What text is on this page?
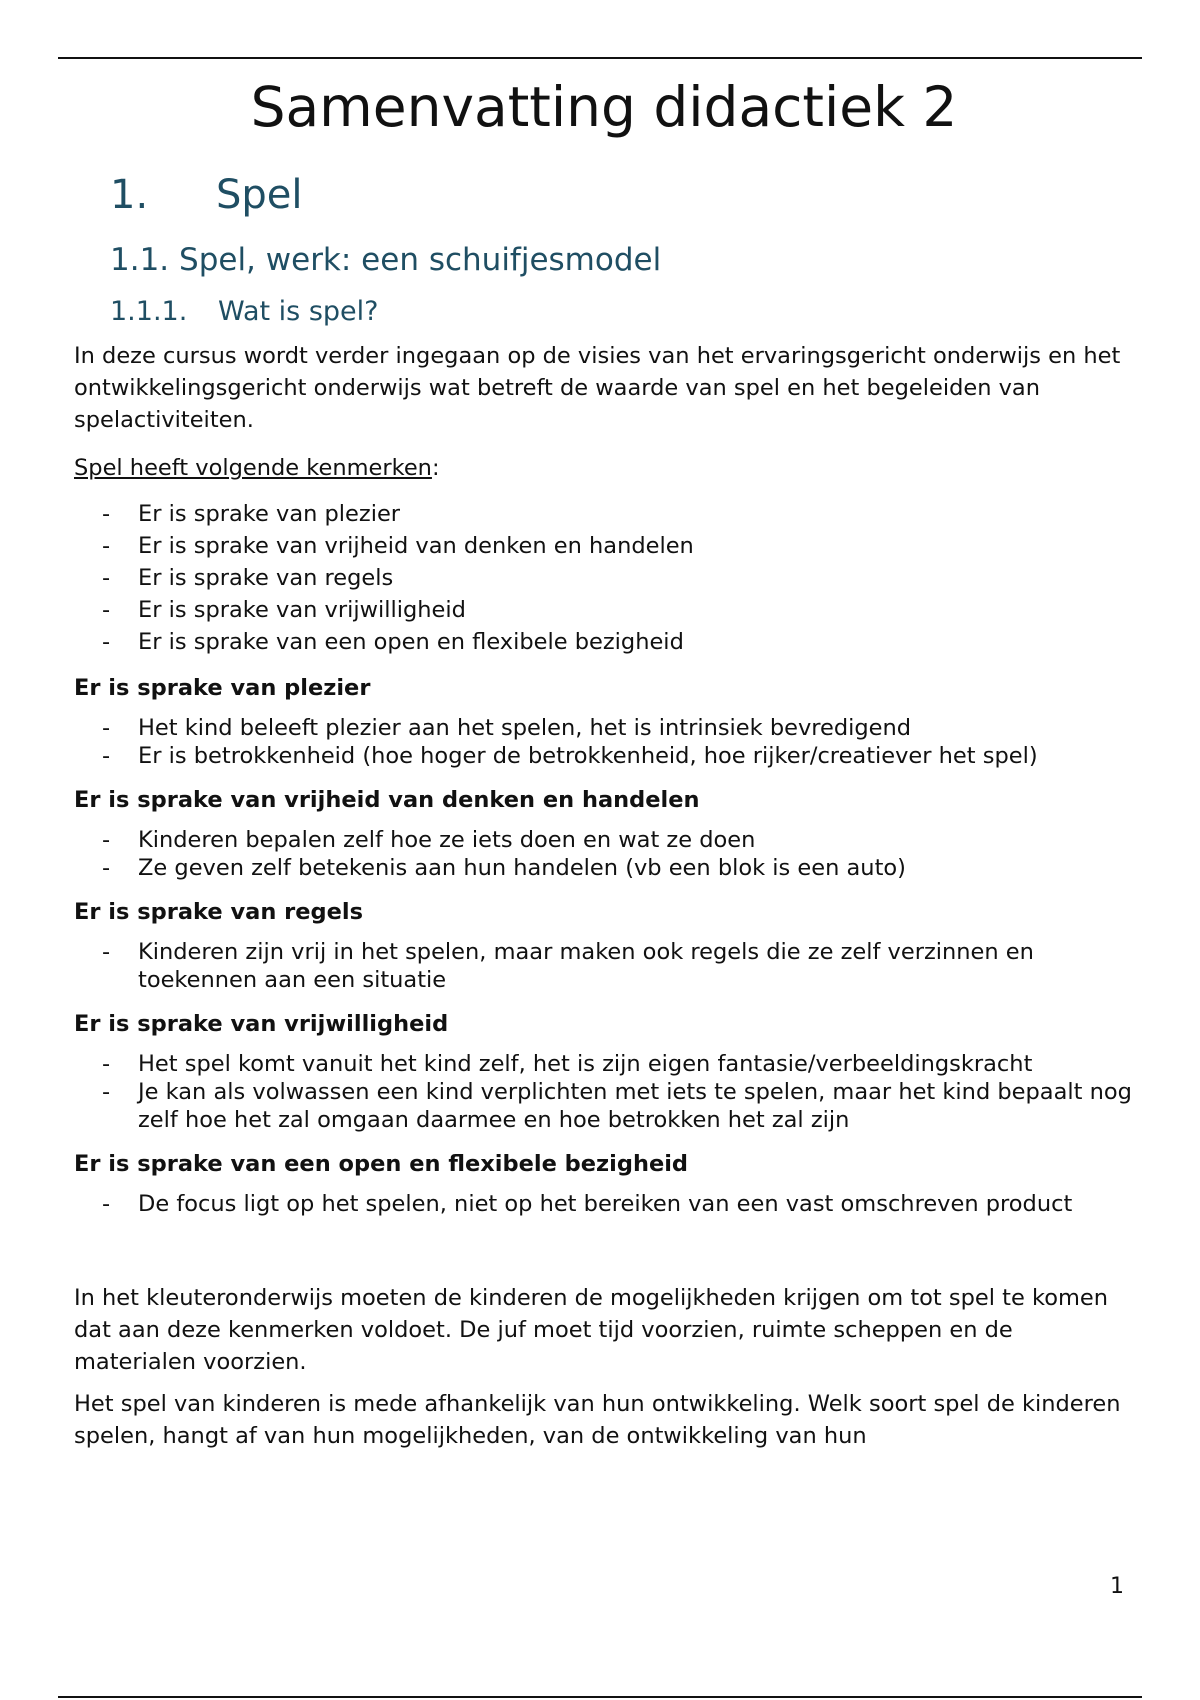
Samenvatting didactiek 2
1. Spel
1.1. Spel, werk: een schuifjesmodel
1.1.1. Wat is spel?

In deze cursus wordt verder ingegaan op de visies van het ervaringsgericht onderwijs en het ontwikkelingsgericht onderwijs wat betreft de waarde van spel en het begeleiden van spelactiviteiten.

Spel heeft volgende kenmerken:

- Er is sprake van plezier
- Er is sprake van vrijheid van denken en handelen
- Er is sprake van regels
- Er is sprake van vrijwilligheid
- Er is sprake van een open en flexibele bezigheid
Er is sprake van plezier
- Het kind beleeft plezier aan het spelen, het is intrinsiek bevredigend
- Er is betrokkenheid (hoe hoger de betrokkenheid, hoe rijker/creatiever het spel)
Er is sprake van vrijheid van denken en handelen
- Kinderen bepalen zelf hoe ze iets doen en wat ze doen
- Ze geven zelf betekenis aan hun handelen (vb een blok is een auto)
Er is sprake van regels
- Kinderen zijn vrij in het spelen, maar maken ook regels die ze zelf verzinnen en toekennen aan een situatie
Er is sprake van vrijwilligheid
- Het spel komt vanuit het kind zelf, het is zijn eigen fantasie/verbeeldingskracht
- Je kan als volwassen een kind verplichten met iets te spelen, maar het kind bepaalt nog zelf hoe het zal omgaan daarmee en hoe betrokken het zal zijn
Er is sprake van een open en flexibele bezigheid
- De focus ligt op het spelen, niet op het bereiken van een vast omschreven product

In het kleuteronderwijs moeten de kinderen de mogelijkheden krijgen om tot spel te komen dat aan deze kenmerken voldoet. De juf moet tijd voorzien, ruimte scheppen en de materialen voorzien.

Het spel van kinderen is mede afhankelijk van hun ontwikkeling. Welk soort spel de kinderen spelen, hangt af van hun mogelijkheden, van de ontwikkeling van hun

1
